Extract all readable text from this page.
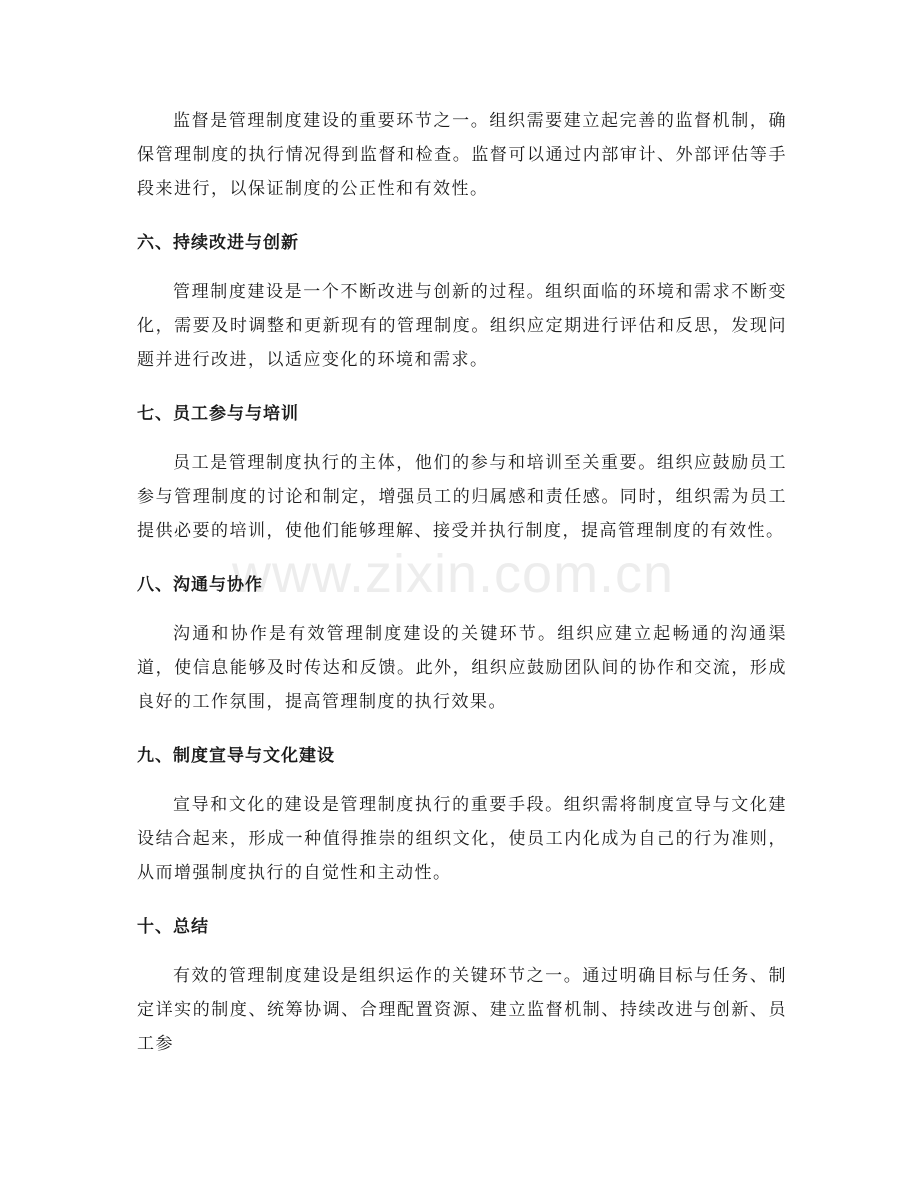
www.zixin.com.cn

监督是管理制度建设的重要环节之一。组织需要建立起完善的监督机制，确保管理制度的执行情况得到监督和检查。监督可以通过内部审计、外部评估等手段来进行，以保证制度的公正性和有效性。

六、持续改进与创新

管理制度建设是一个不断改进与创新的过程。组织面临的环境和需求不断变化，需要及时调整和更新现有的管理制度。组织应定期进行评估和反思，发现问题并进行改进，以适应变化的环境和需求。

七、员工参与与培训

员工是管理制度执行的主体，他们的参与和培训至关重要。组织应鼓励员工参与管理制度的讨论和制定，增强员工的归属感和责任感。同时，组织需为员工提供必要的培训，使他们能够理解、接受并执行制度，提高管理制度的有效性。

八、沟通与协作

沟通和协作是有效管理制度建设的关键环节。组织应建立起畅通的沟通渠道，使信息能够及时传达和反馈。此外，组织应鼓励团队间的协作和交流，形成良好的工作氛围，提高管理制度的执行效果。

九、制度宣导与文化建设

宣导和文化的建设是管理制度执行的重要手段。组织需将制度宣导与文化建设结合起来，形成一种值得推崇的组织文化，使员工内化成为自己的行为准则，从而增强制度执行的自觉性和主动性。

十、总结

有效的管理制度建设是组织运作的关键环节之一。通过明确目标与任务、制定详实的制度、统筹协调、合理配置资源、建立监督机制、持续改进与创新、员工参
